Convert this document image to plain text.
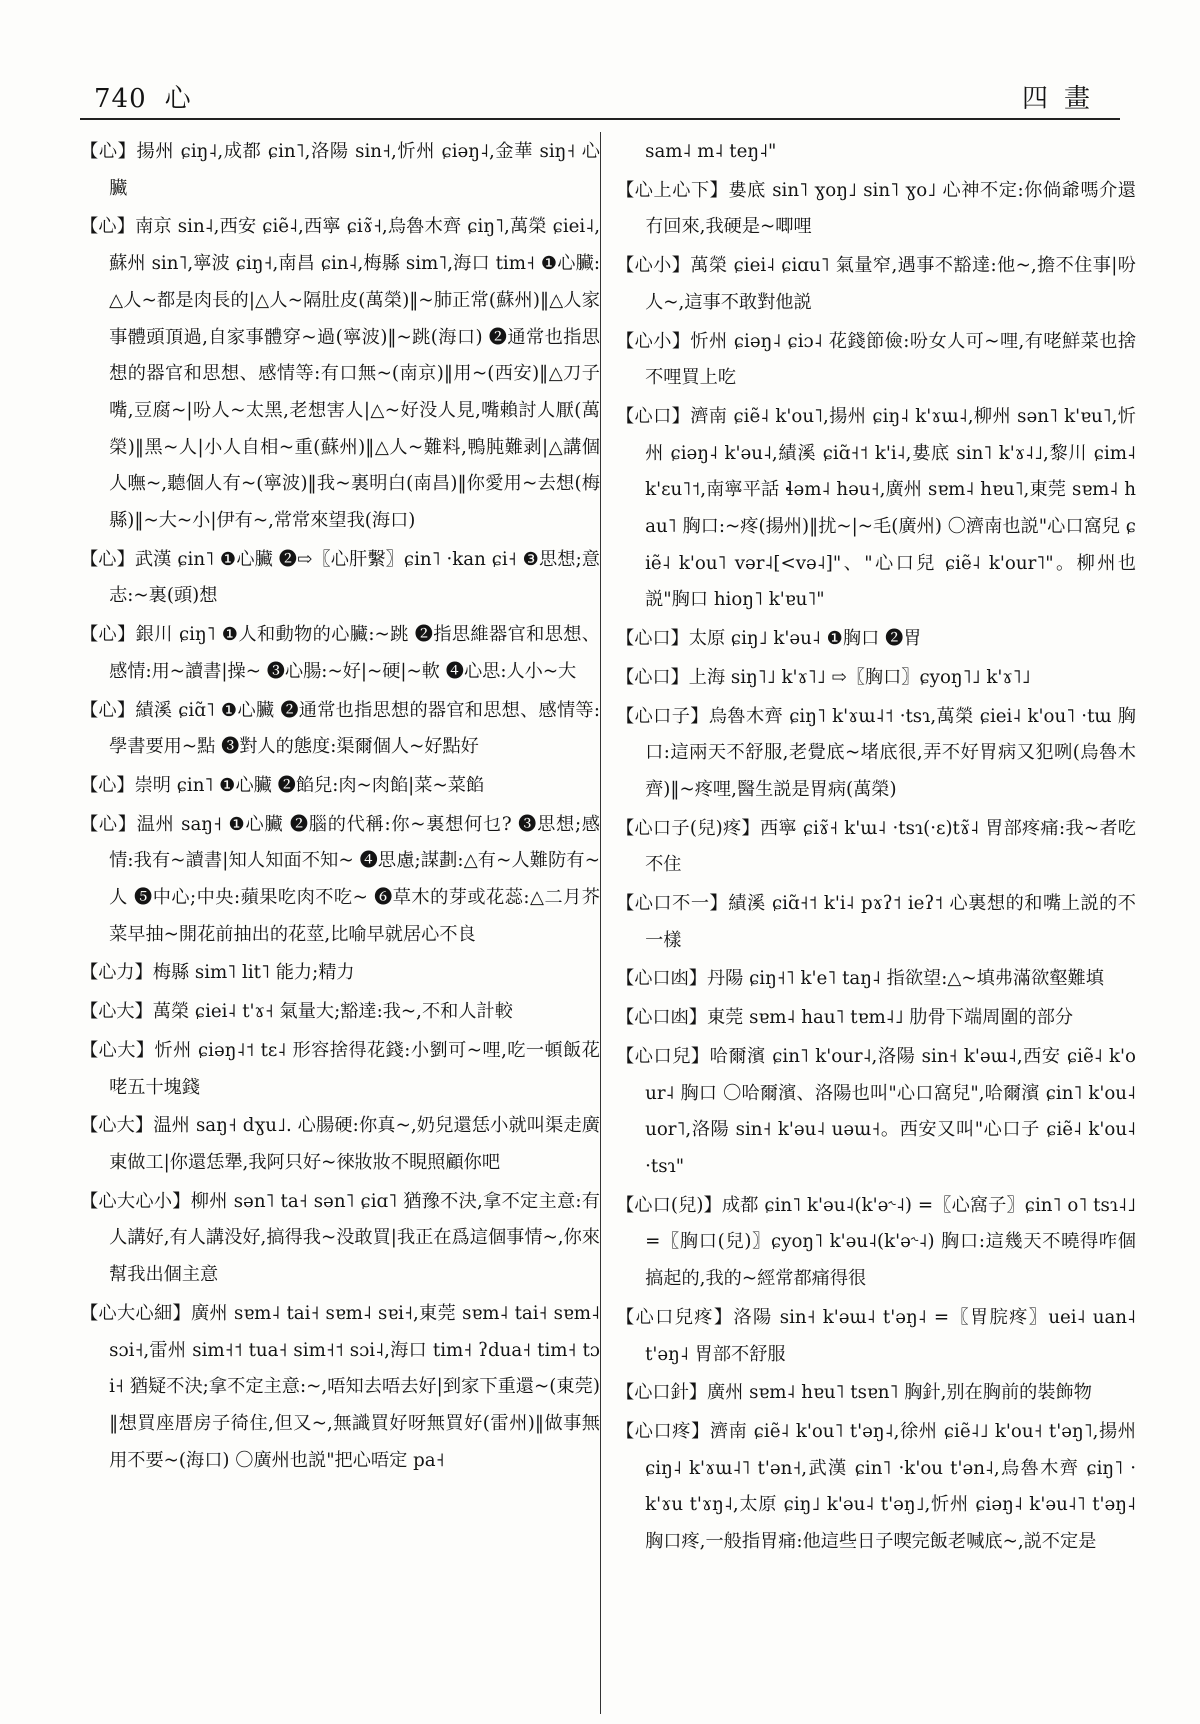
740 心	四畫

【心】揚州 ɕiŋ˨,成都 ɕin˥,洛陽 sin˧,忻州 ɕiəŋ˨,金華 siŋ˧ 心臟

【心】南京 sin˨,西安 ɕiẽ˨,西寧 ɕiɤ̃˧,烏魯木齊 ɕiŋ˥,萬榮 ɕiei˨,蘇州 sin˥,寧波 ɕiŋ˧,南昌 ɕin˨,梅縣 sim˥,海口 tim˧ ❶心臟:△人~都是肉長的|△人~隔肚皮(萬榮)‖~肺正常(蘇州)‖△人家事體頭頂過,自家事體穿~過(寧波)‖~跳(海口) ❷通常也指思想的器官和思想、感情等:有口無~(南京)‖用~(西安)‖△刀子嘴,豆腐~|吩人~太黑,老想害人|△~好没人見,嘴賴討人厭(萬榮)‖黑~人|小人自相~重(蘇州)‖△人~難料,鴨肫難剥|△講個人嘸~,聽個人有~(寧波)‖我~裏明白(南昌)‖你愛用~去想(梅縣)‖~大~小|伊有~,常常來望我(海口)

【心】武漢 ɕin˥ ❶心臟 ❷⇨〖心肝繫〗ɕin˥ ·kan ɕi˧ ❸思想;意志:~裏(頭)想

【心】銀川 ɕiŋ˥ ❶人和動物的心臟:~跳 ❷指思維器官和思想、感情:用~讀書|操~ ❸心腸:~好|~硬|~軟 ❹心思:人小~大

【心】績溪 ɕiɑ̃˥ ❶心臟 ❷通常也指思想的器官和思想、感情等:學書要用~點 ❸對人的態度:渠爾個人~好點好

【心】崇明 ɕin˥ ❶心臟 ❷餡兒:肉~肉餡|菜~菜餡

【心】温州 saŋ˧ ❶心臟 ❷腦的代稱:你~裏想何乜? ❸思想;感情:我有~讀書|知人知面不知~ ❹思慮;謀劃:△有~人難防有~人 ❺中心;中央:蘋果吃肉不吃~ ❻草木的芽或花蕊:△二月芥菜早抽~開花前抽出的花莖,比喻早就居心不良

【心力】梅縣 sim˥ lit˥ 能力;精力

【心大】萬榮 ɕiei˨ t'ɤ˧ 氣量大;豁達:我~,不和人計較

【心大】忻州 ɕiəŋ˨˦ tɛ˨ 形容捨得花錢:小劉可~哩,吃一頓飯花咾五十塊錢

【心大】温州 saŋ˧ dɣu˩. 心腸硬:你真~,奶兒還恁小就叫渠走廣東做工|你還恁犟,我阿只好~徠妝妝不睍照顧你吧

【心大心小】柳州 sən˥ ta˧ sən˥ ɕiɑ˥ 猶豫不決,拿不定主意:有人講好,有人講没好,搞得我~没敢買|我正在爲這個事情~,你來幫我出個主意

【心大心細】廣州 sɐm˨ tai˧ sɐm˨ sɐi˧,東莞 sɐm˨ tai˧ sɐm˨ sɔi˧,雷州 sim˧˦ tua˧ sim˧˦ sɔi˨,海口 tim˧ ʔdua˧ tim˧ tɔi˧ 猶疑不決;拿不定主意:~,唔知去唔去好|到家下重還~(東莞)‖想買座厝房子徛住,但又~,無識買好呀無買好(雷州)‖做事無用不要~(海口) 〇廣州也説"把心唔定 pa˧

sam˨ m˨ teŋ˨"

【心上心下】婁底 sin˥ ɣoŋ˩ sin˥ ɣo˩ 心神不定:你倘爺嗎介還冇回來,我硬是~唧哩

【心小】萬榮 ɕiei˨ ɕiɑu˥ 氣量窄,遇事不豁達:他~,擔不住事|吩人~,這事不敢對他説

【心小】忻州 ɕiəŋ˨ ɕiɔ˨ 花錢節儉:吩女人可~哩,有咾鮮菜也捨不哩買上吃

【心口】濟南 ɕiẽ˨ k'ou˥,揚州 ɕiŋ˨ k'ɤɯ˨,柳州 sən˥ k'ɐu˥,忻州 ɕiəŋ˨ k'əu˨,績溪 ɕiɑ̃˧˦ k'i˨,婁底 sin˥ k'ɤ˨˩,黎川 ɕim˨ k'ɛu˥˦,南寧平話 ɬəm˨ həu˧,廣州 sɐm˨ hɐu˥,東莞 sɐm˨ hau˥ 胸口:~疼(揚州)‖扰~|~毛(廣州) 〇濟南也説"心口窩兒 ɕiẽ˨ k'ou˥ vər˨[<və˨]"、"心口兒 ɕiẽ˨ k'our˥"。柳州也説"胸口 hioŋ˥ k'ɐu˥"

【心口】太原 ɕiŋ˩ k'əu˨ ❶胸口 ❷胃

【心口】上海 siŋ˥˩ k'ɤ˥˩ ⇨〖胸口〗ɕyoŋ˥˩ k'ɤ˥˩

【心口子】烏魯木齊 ɕiŋ˥ k'ɤɯ˨˦ ·tsɿ,萬榮 ɕiei˨ k'ou˥ ·tɯ 胸口:這兩天不舒服,老覺底~堵底很,弄不好胃病又犯咧(烏魯木齊)‖~疼哩,醫生説是胃病(萬榮)

【心口子(兒)疼】西寧 ɕiɤ̃˧ k'ɯ˨ ·tsɿ(·ɛ)tɤ̃˨ 胃部疼痛:我~者吃不住

【心口不一】績溪 ɕiɑ̃˧˦ k'i˨ pɤʔ˦ ieʔ˦ 心裏想的和嘴上説的不一樣

【心口凼】丹陽 ɕiŋ˧˥ k'e˥ taŋ˨ 指欲望:△~填弗滿欲壑難填

【心口凼】東莞 sɐm˨ hau˥ tɐm˨˩ 肋骨下端周圍的部分

【心口兒】哈爾濱 ɕin˥ k'our˨,洛陽 sin˧ k'əɯ˨,西安 ɕiẽ˨ k'our˨ 胸口 〇哈爾濱、洛陽也叫"心口窩兒",哈爾濱 ɕin˥ k'ou˨ uor˥,洛陽 sin˧ k'əu˨ uəɯ˧。西安又叫"心口子 ɕiẽ˨ k'ou˨ ·tsɿ"

【心口(兒)】成都 ɕin˥ k'əu˨(k'ə˞˨) =〖心窩子〗ɕin˥ o˥ tsɿ˨˩ =〖胸口(兒)〗ɕyoŋ˥ k'əu˨(k'ə˞˨) 胸口:這幾天不曉得咋個搞起的,我的~經常都痛得很

【心口兒疼】洛陽 sin˧ k'əɯ˨ t'əŋ˨ =〖胃脘疼〗uei˨ uan˨ t'əŋ˨ 胃部不舒服

【心口針】廣州 sɐm˨ hɐu˥ tsɐn˥ 胸針,别在胸前的裝飾物

【心口疼】濟南 ɕiẽ˨ k'ou˥ t'əŋ˨,徐州 ɕiẽ˨˩ k'ou˧ t'əŋ˥,揚州 ɕiŋ˨ k'ɤɯ˨˥ t'ən˧,武漢 ɕin˥ ·k'ou t'ən˨,烏魯木齊 ɕiŋ˥ ·k'ɤu t'ɤŋ˨,太原 ɕiŋ˩ k'əu˨ t'əŋ˩,忻州 ɕiəŋ˨ k'əu˨˥ t'əŋ˨ 胸口疼,一般指胃痛:他這些日子喫完飯老喊底~,説不定是
